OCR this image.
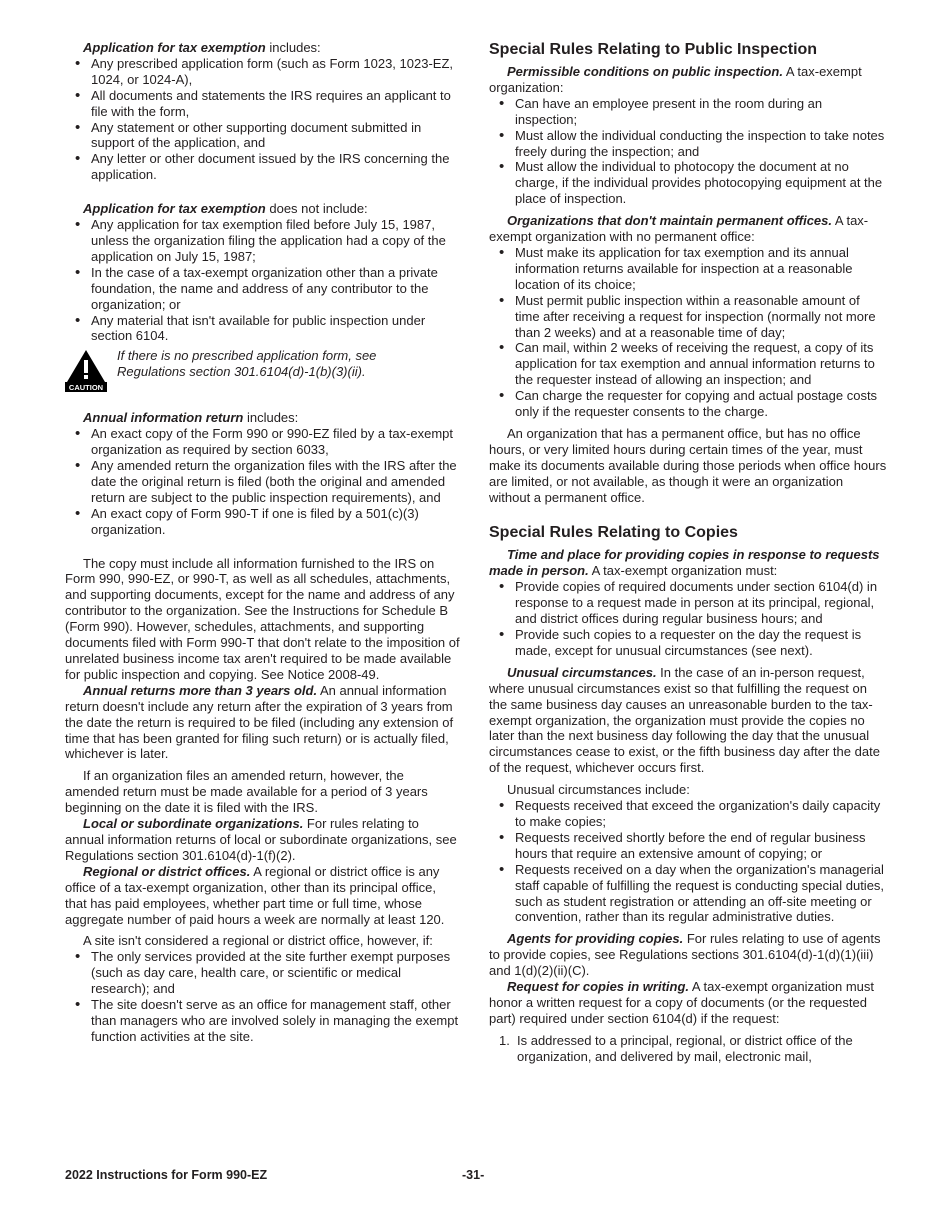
Application for tax exemption includes:

• Any prescribed application form (such as Form 1023, 1023-EZ, 1024, or 1024-A),
• All documents and statements the IRS requires an applicant to file with the form,
• Any statement or other supporting document submitted in support of the application, and
• Any letter or other document issued by the IRS concerning the application.

Application for tax exemption does not include:

• Any application for tax exemption filed before July 15, 1987, unless the organization filing the application had a copy of the application on July 15, 1987;
• In the case of a tax-exempt organization other than a private foundation, the name and address of any contributor to the organization; or
• Any material that isn't available for public inspection under section 6104.
CAUTION

If there is no prescribed application form, see Regulations section 301.6104(d)-1(b)(3)(ii).

Annual information return includes:

• An exact copy of the Form 990 or 990-EZ filed by a tax-exempt organization as required by section 6033,
• Any amended return the organization files with the IRS after the date the original return is filed (both the original and amended return are subject to the public inspection requirements), and
• An exact copy of Form 990-T if one is filed by a 501(c)(3) organization.

The copy must include all information furnished to the IRS on Form 990, 990-EZ, or 990-T, as well as all schedules, attachments, and supporting documents, except for the name and address of any contributor to the organization. See the Instructions for Schedule B (Form 990). However, schedules, attachments, and supporting documents filed with Form 990-T that don't relate to the imposition of unrelated business income tax aren't required to be made available for public inspection and copying. See Notice 2008-49.

Annual returns more than 3 years old. An annual information return doesn't include any return after the expiration of 3 years from the date the return is required to be filed (including any extension of time that has been granted for filing such return) or is actually filed, whichever is later.

If an organization files an amended return, however, the amended return must be made available for a period of 3 years beginning on the date it is filed with the IRS.

Local or subordinate organizations. For rules relating to annual information returns of local or subordinate organizations, see Regulations section 301.6104(d)-1(f)(2).

Regional or district offices. A regional or district office is any office of a tax-exempt organization, other than its principal office, that has paid employees, whether part time or full time, whose aggregate number of paid hours a week are normally at least 120.

A site isn't considered a regional or district office, however, if:

• The only services provided at the site further exempt purposes (such as day care, health care, or scientific or medical research); and
• The site doesn't serve as an office for management staff, other than managers who are involved solely in managing the exempt function activities at the site.
Special Rules Relating to Public Inspection

Permissible conditions on public inspection. A tax-exempt organization:

• Can have an employee present in the room during an inspection;
• Must allow the individual conducting the inspection to take notes freely during the inspection; and
• Must allow the individual to photocopy the document at no charge, if the individual provides photocopying equipment at the place of inspection.

Organizations that don't maintain permanent offices. A tax-exempt organization with no permanent office:

• Must make its application for tax exemption and its annual information returns available for inspection at a reasonable location of its choice;
• Must permit public inspection within a reasonable amount of time after receiving a request for inspection (normally not more than 2 weeks) and at a reasonable time of day;
• Can mail, within 2 weeks of receiving the request, a copy of its application for tax exemption and annual information returns to the requester instead of allowing an inspection; and
• Can charge the requester for copying and actual postage costs only if the requester consents to the charge.

An organization that has a permanent office, but has no office hours, or very limited hours during certain times of the year, must make its documents available during those periods when office hours are limited, or not available, as though it were an organization without a permanent office.

Special Rules Relating to Copies

Time and place for providing copies in response to requests made in person. A tax-exempt organization must:

• Provide copies of required documents under section 6104(d) in response to a request made in person at its principal, regional, and district offices during regular business hours; and
• Provide such copies to a requester on the day the request is made, except for unusual circumstances (see next).

Unusual circumstances. In the case of an in-person request, where unusual circumstances exist so that fulfilling the request on the same business day causes an unreasonable burden to the tax-exempt organization, the organization must provide the copies no later than the next business day following the day that the unusual circumstances cease to exist, or the fifth business day after the date of the request, whichever occurs first.

Unusual circumstances include:

• Requests received that exceed the organization's daily capacity to make copies;
• Requests received shortly before the end of regular business hours that require an extensive amount of copying; or
• Requests received on a day when the organization's managerial staff capable of fulfilling the request is conducting special duties, such as student registration or attending an off-site meeting or convention, rather than its regular administrative duties.

Agents for providing copies. For rules relating to use of agents to provide copies, see Regulations sections 301.6104(d)-1(d)(1)(iii) and 1(d)(2)(ii)(C).

Request for copies in writing. A tax-exempt organization must honor a written request for a copy of documents (or the requested part) required under section 6104(d) if the request:

1. Is addressed to a principal, regional, or district office of the organization, and delivered by mail, electronic mail,
2022 Instructions for Form 990-EZ	-31-
